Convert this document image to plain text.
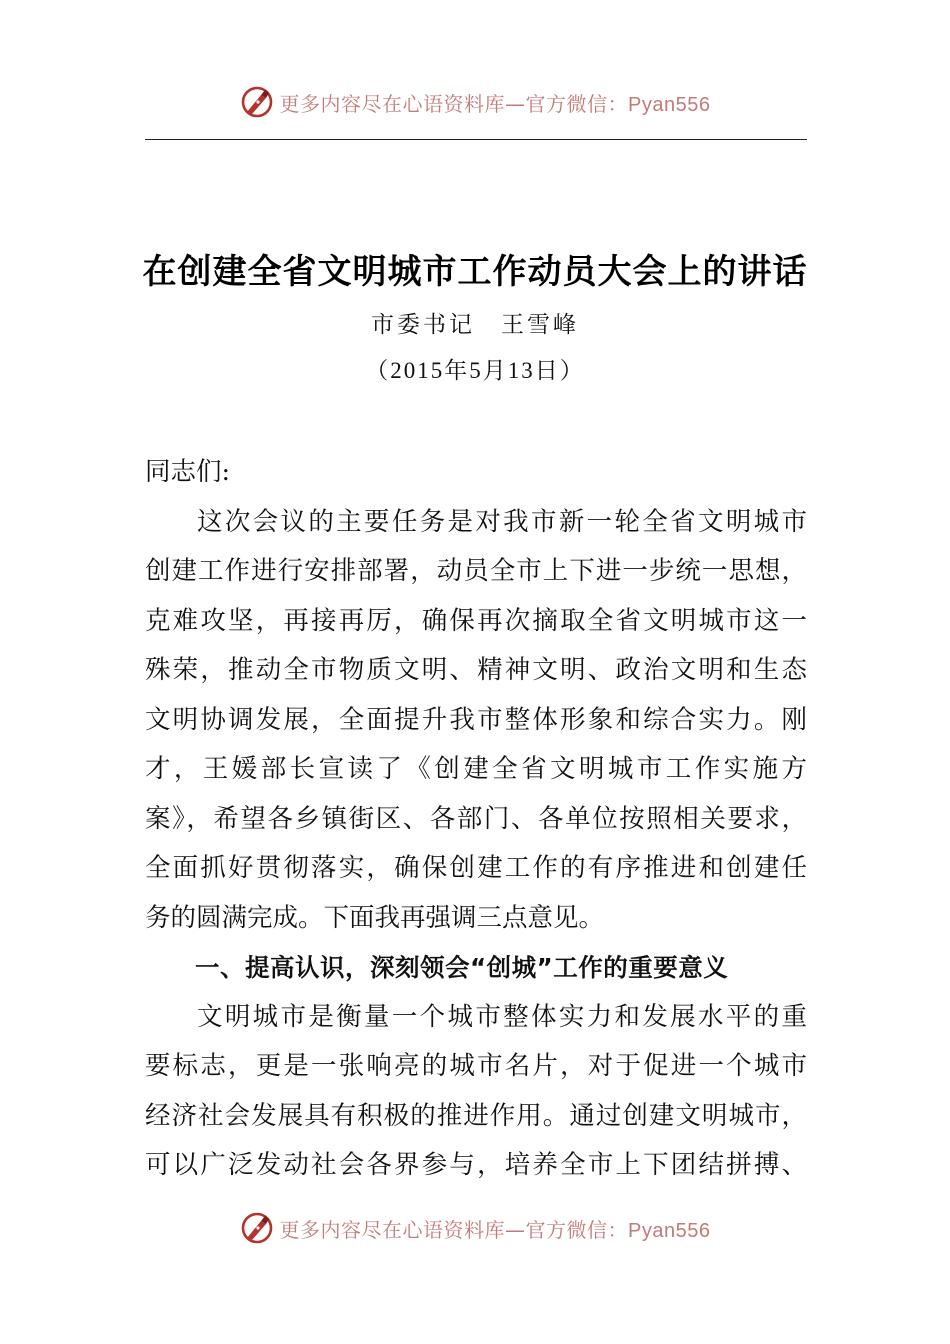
更多内容尽在心语资料库—官方微信：Pyan556
在创建全省文明城市工作动员大会上的讲话
市委书记　王雪峰
（2015年5月13日）
同志们:
这次会议的主要任务是对我市新一轮全省文明城市
创建工作进行安排部署，动员全市上下进一步统一思想，
克难攻坚，再接再厉，确保再次摘取全省文明城市这一
殊荣，推动全市物质文明、精神文明、政治文明和生态
文明协调发展，全面提升我市整体形象和综合实力。刚
才，王媛部长宣读了《创建全省文明城市工作实施方
案》，希望各乡镇街区、各部门、各单位按照相关要求，
全面抓好贯彻落实，确保创建工作的有序推进和创建任
务的圆满完成。下面我再强调三点意见。
一、提高认识，深刻领会“创城”工作的重要意义
文明城市是衡量一个城市整体实力和发展水平的重
要标志，更是一张响亮的城市名片，对于促进一个城市
经济社会发展具有积极的推进作用。通过创建文明城市，
可以广泛发动社会各界参与，培养全市上下团结拼搏、
更多内容尽在心语资料库—官方微信：Pyan556
